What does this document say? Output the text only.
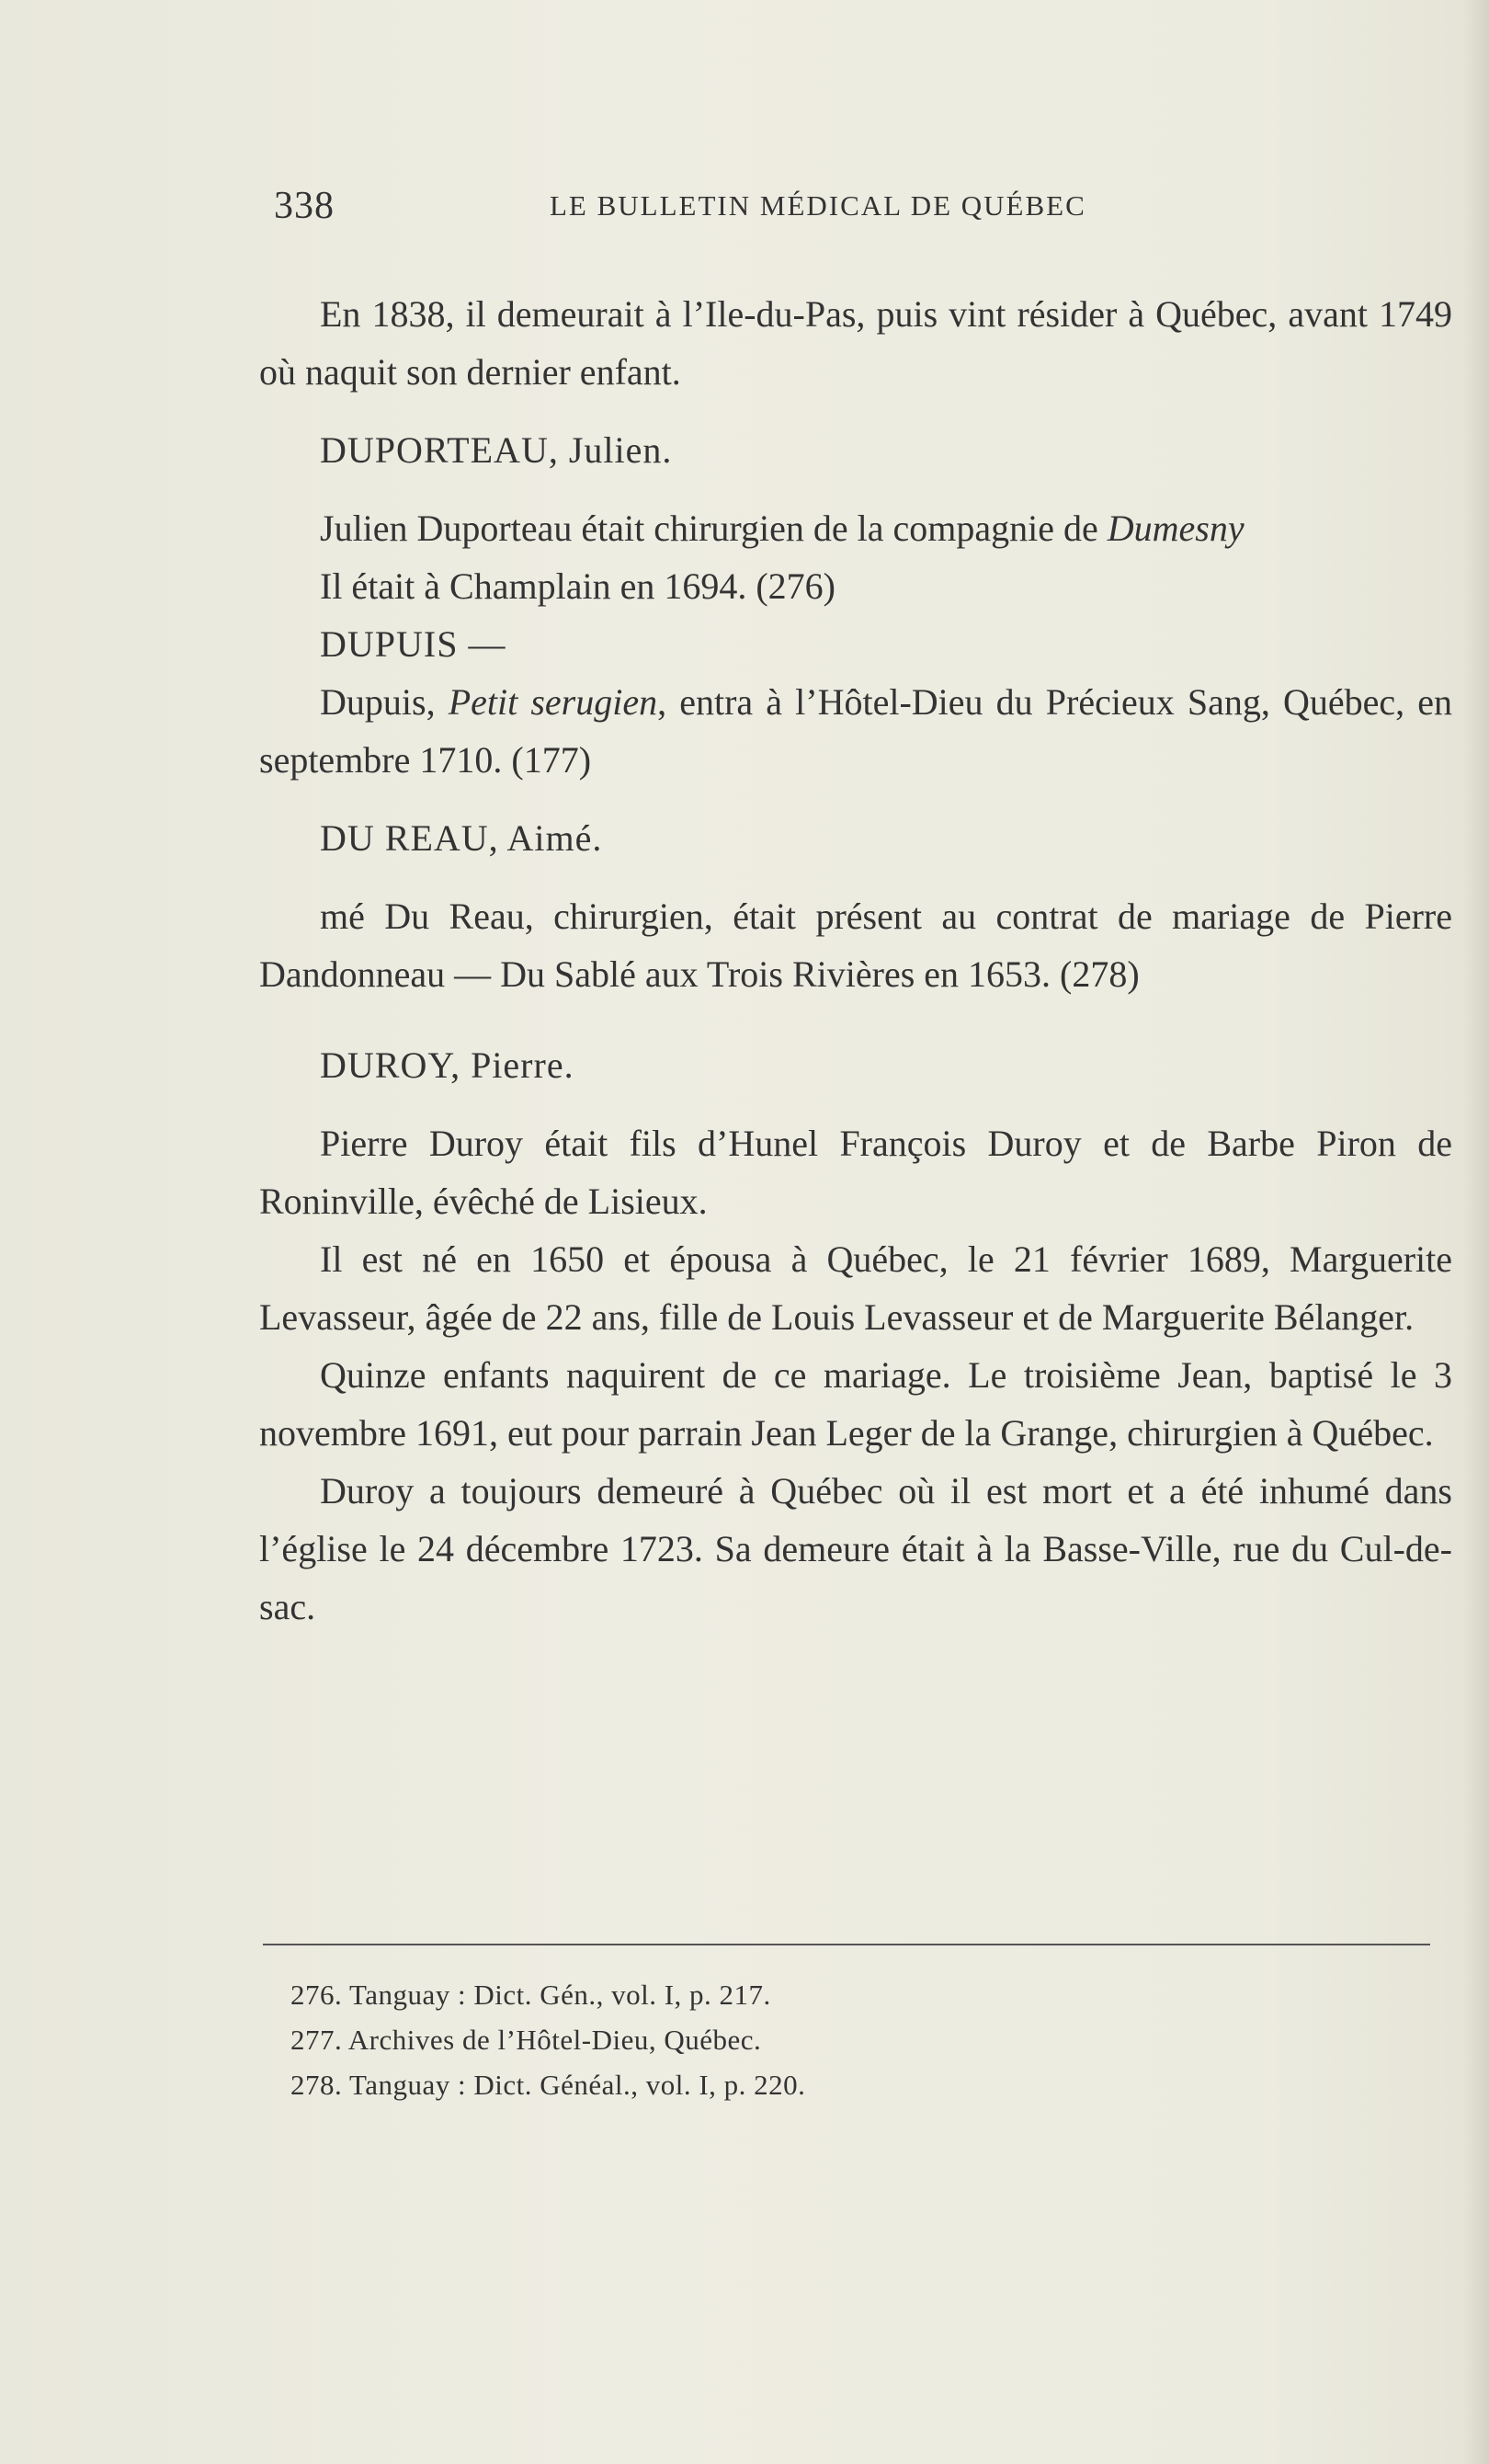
338	LE BULLETIN MÉDICAL DE QUÉBEC

En 1838, il demeurait à l’Ile-du-Pas, puis vint résider à Québec, avant 1749 où naquit son dernier enfant.

DUPORTEAU, Julien.

Julien Duporteau était chirurgien de la compagnie de Dumesny

Il était à Champlain en 1694. (276)

DUPUIS —

Dupuis, Petit serugien, entra à l’Hôtel-Dieu du Précieux Sang, Québec, en septembre 1710. (177)

DU REAU, Aimé.

mé Du Reau, chirurgien, était présent au contrat de mariage de Pierre Dandonneau — Du Sablé aux Trois Rivières en 1653. (278)

DUROY, Pierre.

Pierre Duroy était fils d’Hunel François Duroy et de Barbe Piron de Roninville, évêché de Lisieux.

Il est né en 1650 et épousa à Québec, le 21 février 1689, Marguerite Levasseur, âgée de 22 ans, fille de Louis Levasseur et de Marguerite Bélanger.

Quinze enfants naquirent de ce mariage. Le troisième Jean, baptisé le 3 novembre 1691, eut pour parrain Jean Leger de la Grange, chirurgien à Québec.

Duroy a toujours demeuré à Québec où il est mort et a été inhumé dans l’église le 24 décembre 1723. Sa demeure était à la Basse-Ville, rue du Cul-de-sac.

276. Tanguay : Dict. Gén., vol. I, p. 217.

277. Archives de l’Hôtel-Dieu, Québec.

278. Tanguay : Dict. Généal., vol. I, p. 220.
